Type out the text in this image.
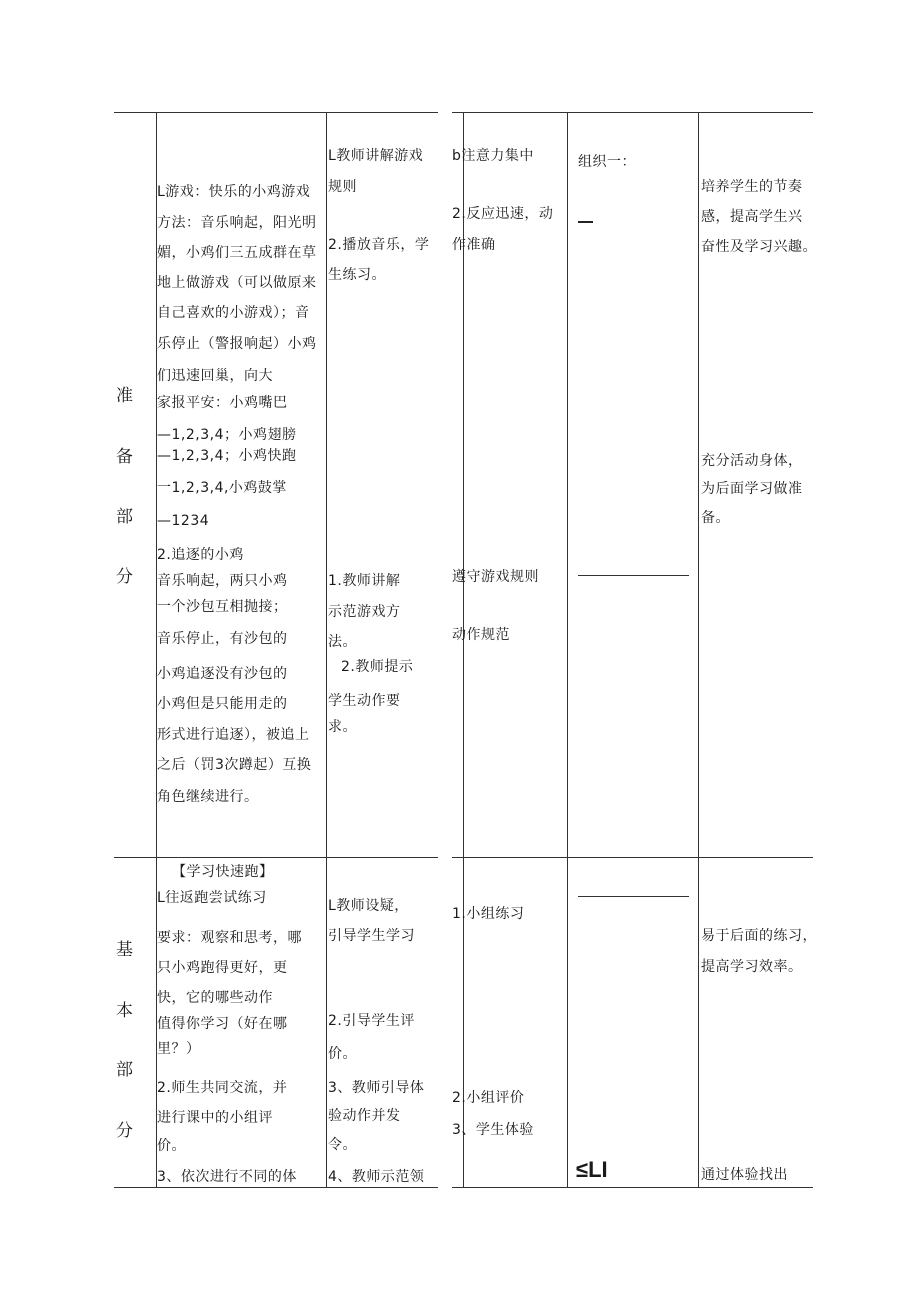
准
备
部
分
L游戏：快乐的小鸡游戏
方法：音乐响起，阳光明
媚，小鸡们三五成群在草
地上做游戏（可以做原来
自己喜欢的小游戏）；音
乐停止（警报响起）小鸡
们迅速回巢，向大
家报平安：小鸡嘴巴
—1,2,3,4；小鸡翅膀
—1,2,3,4；小鸡快跑
一1,2,3,4,小鸡鼓掌
—1234
2.追逐的小鸡
音乐响起，两只小鸡
一个沙包互相抛接；
音乐停止，有沙包的
小鸡追逐没有沙包的
小鸡但是只能用走的
形式进行追逐），被追上
之后（罚3次蹲起）互换
角色继续进行。
L教师讲解游戏
规则
2.播放音乐，学
生练习。
1.教师讲解
示范游戏方
法。
2.教师提示
学生动作要
求。
b注意力集中
2.反应迅速，动
作准确
遵守游戏规则
动作规范
组织一：
培养学生的节奏
感，提高学生兴
奋性及学习兴趣。
充分活动身体，
为后面学习做准
备。
基
本
部
分
【学习快速跑】
L往返跑尝试练习
要求：观察和思考，哪
只小鸡跑得更好，更
快，它的哪些动作
值得你学习（好在哪
里？）
2.师生共同交流，并
进行课中的小组评
价。
3、依次进行不同的体
L教师设疑，
引导学生学习
2.引导学生评
价。
3、教师引导体
验动作并发
令。
4、教师示范领
1.小组练习
2.小组评价
3、学生体验
≤LI
易于后面的练习，
提高学习效率。
通过体验找出
